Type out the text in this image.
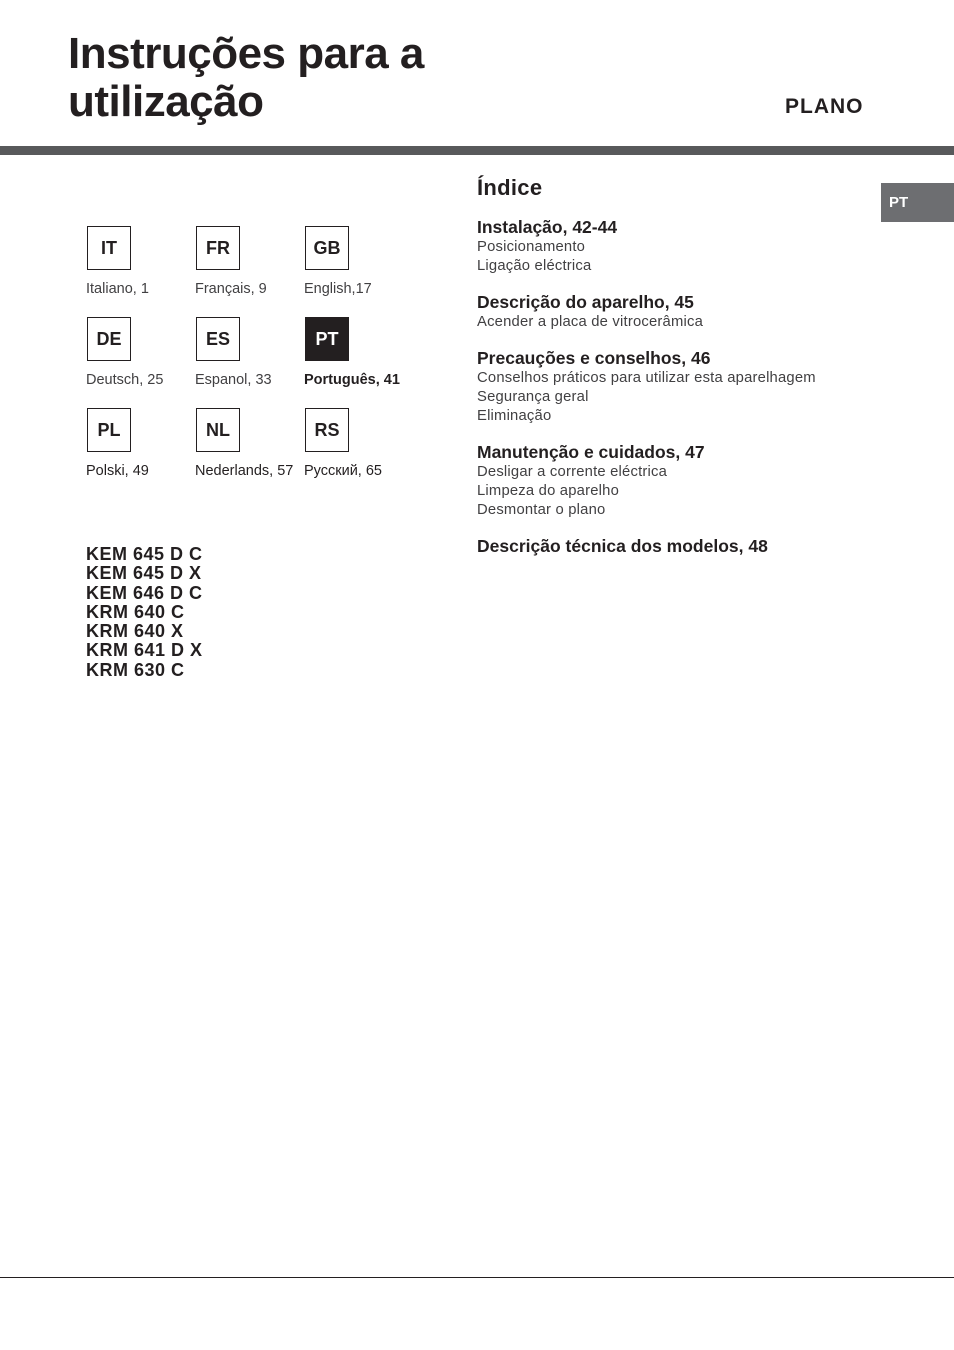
Instruções para a
utilização	PLANO
PT
IT
Italiano, 1
FR
Français, 9
GB
English,17
DE
Deutsch, 25
ES
Espanol, 33
PT
Português, 41
PL
Polski, 49
NL
Nederlands, 57
RS
Русский, 65
KEM 645 D C
KEM 645 D X
KEM 646 D C
KRM 640 C
KRM 640 X
KRM 641 D X
KRM 630 C
Índice
Instalação, 42-44
Posicionamento
Ligação eléctrica
Descrição do aparelho, 45
Acender a placa de vitrocerâmica
Precauções e conselhos, 46
Conselhos práticos para utilizar esta aparelhagem
Segurança geral
Eliminação
Manutenção e cuidados, 47
Desligar a corrente eléctrica
Limpeza do aparelho
Desmontar o plano
Descrição técnica dos modelos, 48
